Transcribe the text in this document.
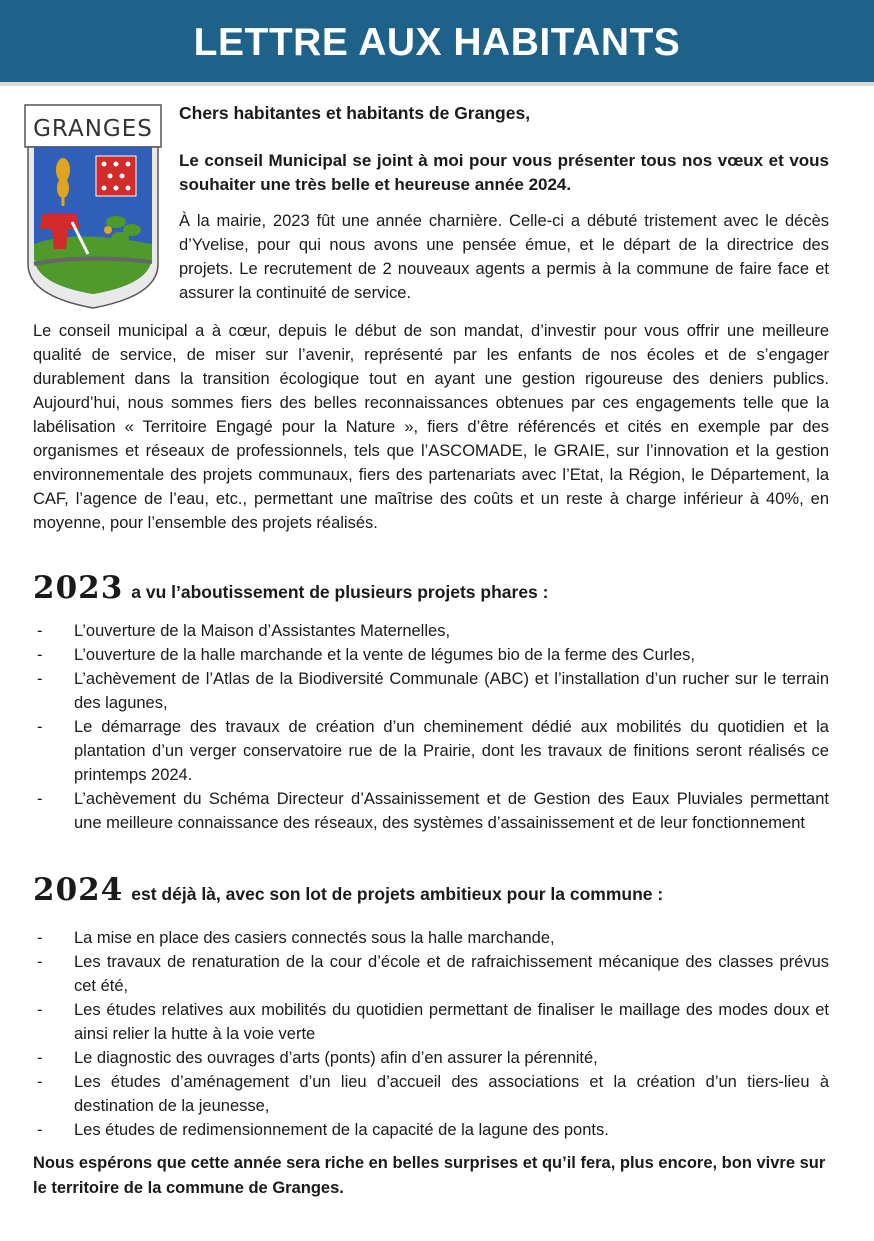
LETTRE AUX HABITANTS
GRANGES

Chers habitantes et habitants de Granges,

Le conseil Municipal se joint à moi pour vous présenter tous nos vœux et vous souhaiter une très belle et heureuse année 2024.

À la mairie, 2023 fût une année charnière. Celle-ci a débuté tristement avec le décès d’Yvelise, pour qui nous avons une pensée émue, et le départ de la directrice des projets. Le recrutement de 2 nouveaux agents a permis à la commune de faire face et assurer la continuité de service.

Le conseil municipal a à cœur, depuis le début de son mandat, d’investir pour vous offrir une meilleure qualité de service, de miser sur l’avenir, représenté par les enfants de nos écoles et de s’engager durablement dans la transition écologique tout en ayant une gestion rigoureuse des deniers publics. Aujourd’hui, nous sommes fiers des belles reconnaissances obtenues par ces engagements telle que la labélisation « Territoire Engagé pour la Nature », fiers d’être référencés et cités en exemple par des organismes et réseaux de professionnels, tels que l’ASCOMADE, le GRAIE, sur l’innovation et la gestion environnementale des projets communaux, fiers des partenariats avec l’Etat, la Région, le Département, la CAF, l’agence de l’eau, etc., permettant une maîtrise des coûts et un reste à charge inférieur à 40%, en moyenne, pour l’ensemble des projets réalisés.

2023 a vu l’aboutissement de plusieurs projets phares :

- L’ouverture de la Maison d’Assistantes Maternelles,
- L’ouverture de la halle marchande et la vente de légumes bio de la ferme des Curles,
- L’achèvement de l’Atlas de la Biodiversité Communale (ABC) et l’installation d’un rucher sur le terrain des lagunes,
- Le démarrage des travaux de création d’un cheminement dédié aux mobilités du quotidien et la plantation d’un verger conservatoire rue de la Prairie, dont les travaux de finitions seront réalisés ce printemps 2024.
- L’achèvement du Schéma Directeur d’Assainissement et de Gestion des Eaux Pluviales permettant une meilleure connaissance des réseaux, des systèmes d’assainissement et de leur fonctionnement

2024 est déjà là, avec son lot de projets ambitieux pour la commune :

- La mise en place des casiers connectés sous la halle marchande,
- Les travaux de renaturation de la cour d’école et de rafraichissement mécanique des classes prévus cet été,
- Les études relatives aux mobilités du quotidien permettant de finaliser le maillage des modes doux et ainsi relier la hutte à la voie verte
- Le diagnostic des ouvrages d’arts (ponts) afin d’en assurer la pérennité,
- Les études d’aménagement d’un lieu d’accueil des associations et la création d’un tiers-lieu à destination de la jeunesse,
- Les études de redimensionnement de la capacité de la lagune des ponts.

Nous espérons que cette année sera riche en belles surprises et qu’il fera, plus encore, bon vivre sur le territoire de la commune de Granges.
